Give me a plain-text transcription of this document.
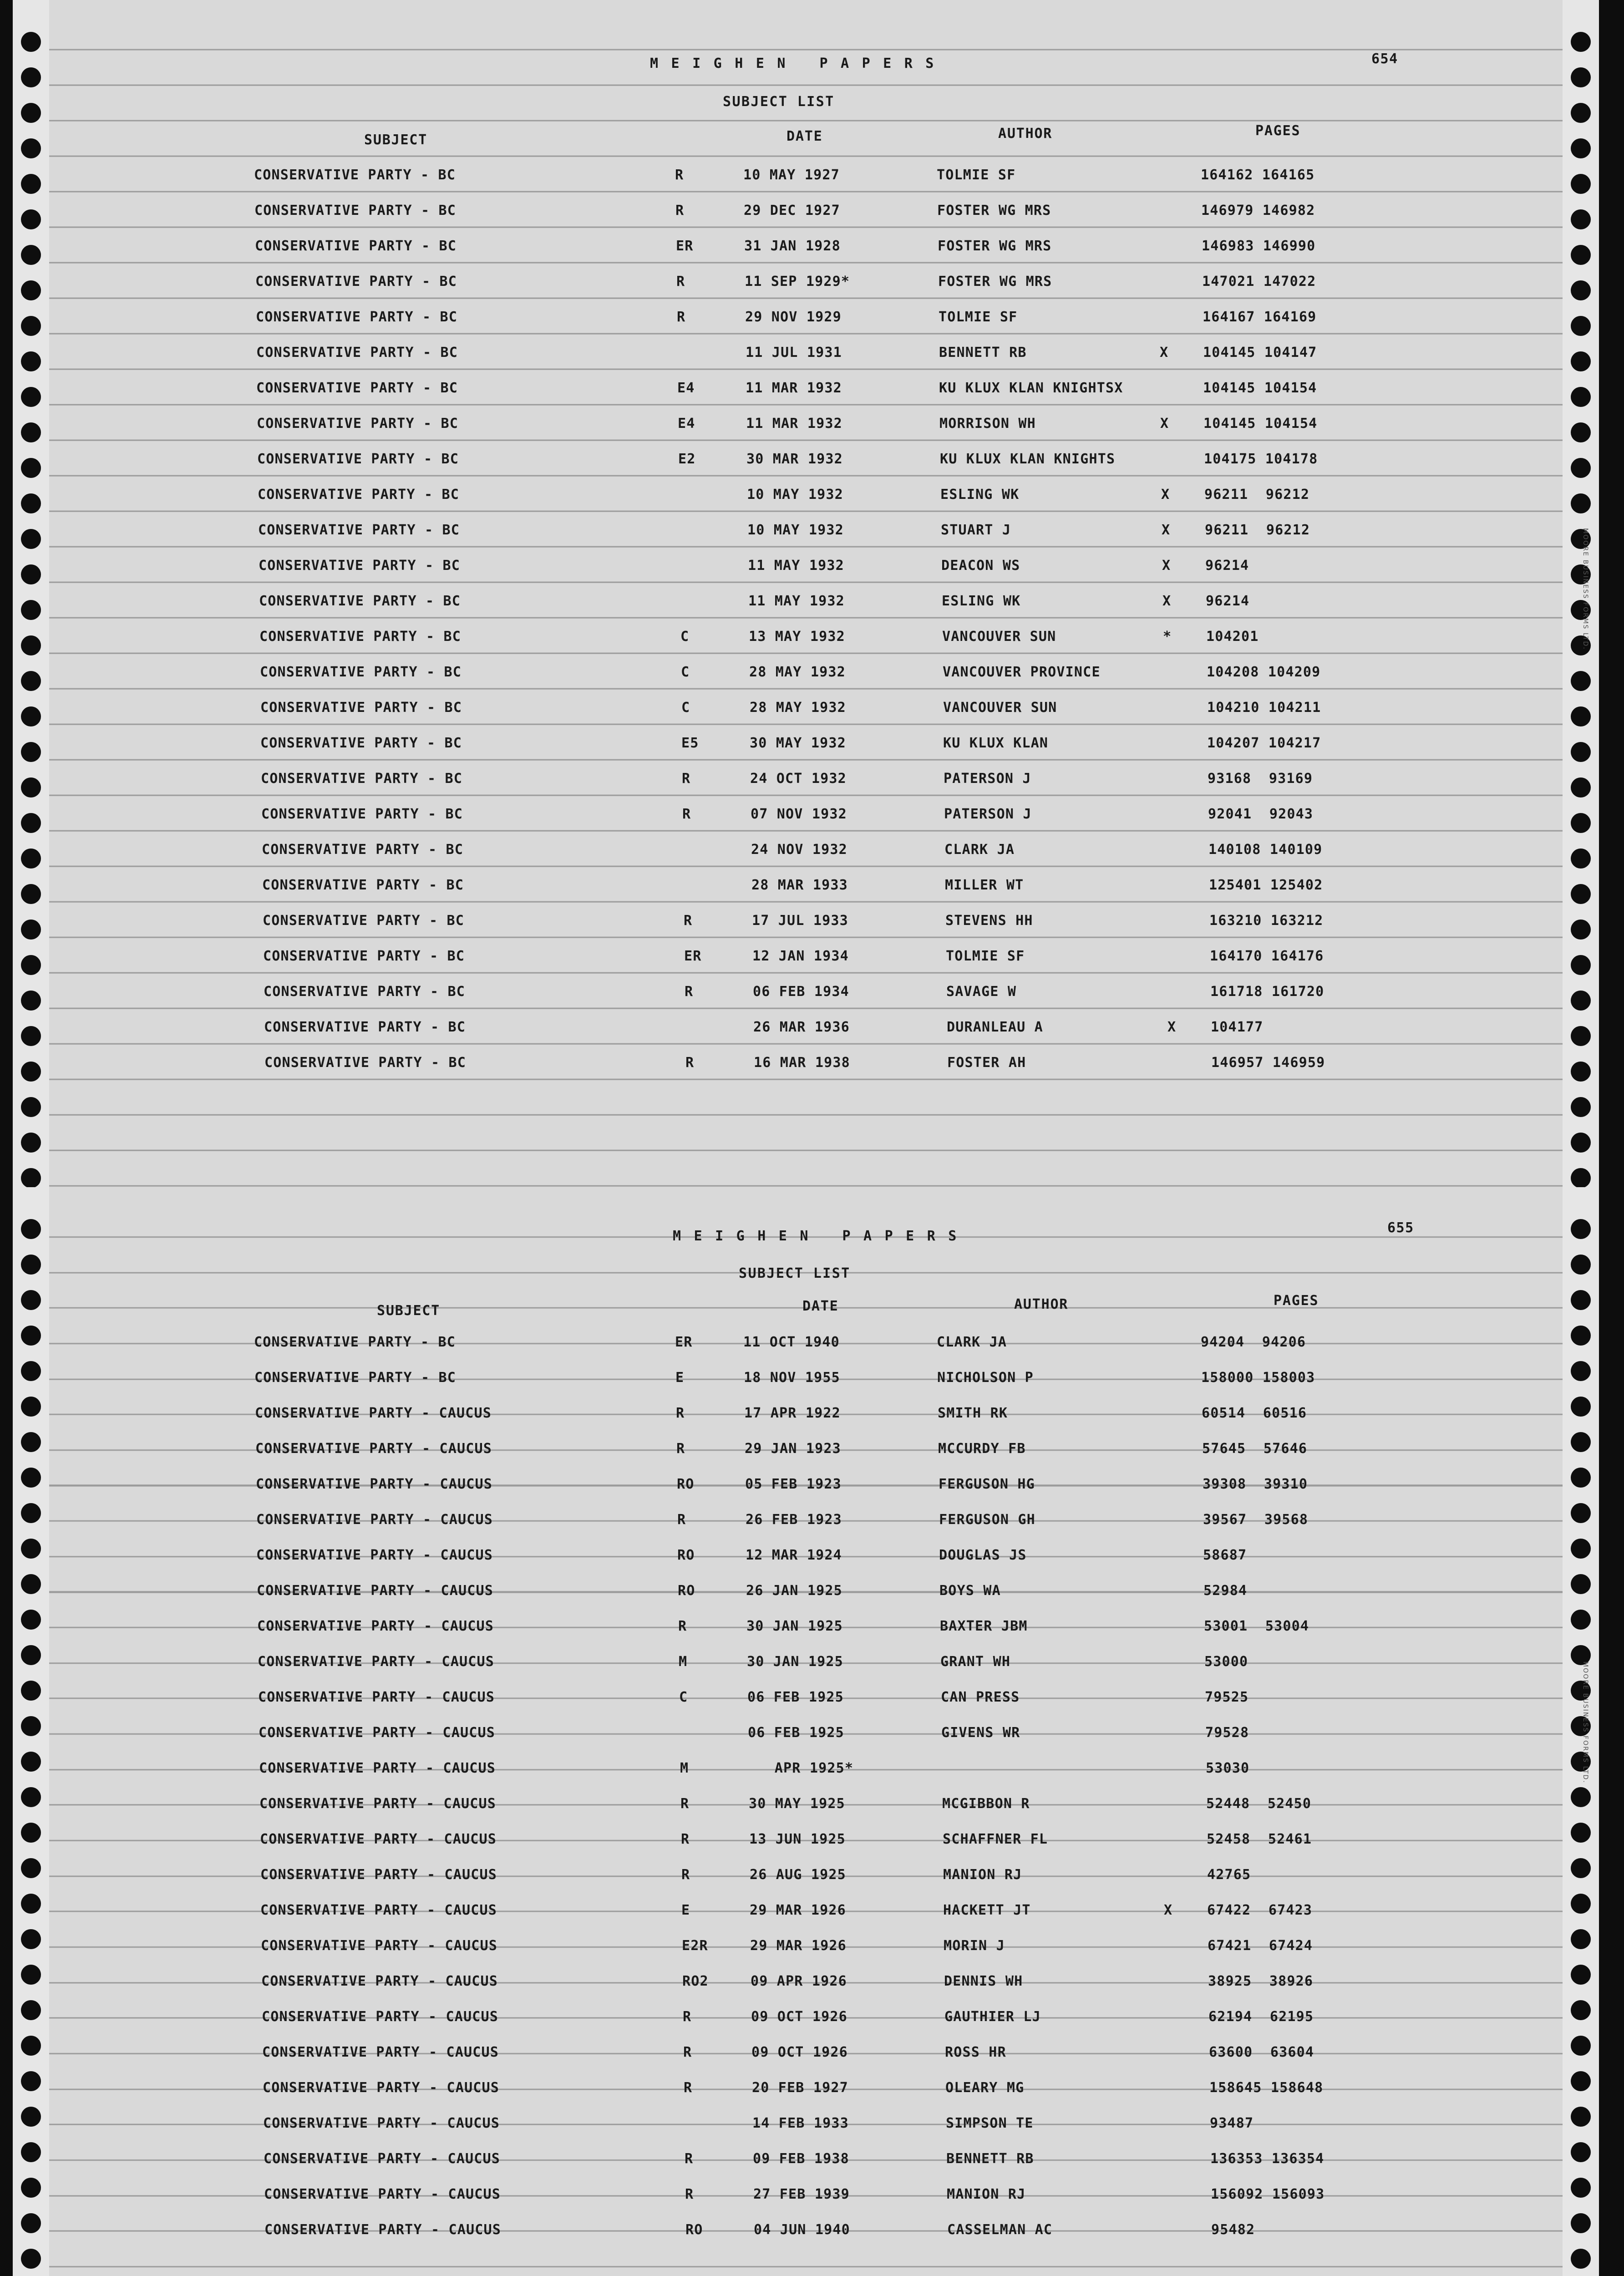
MEIGHEN PAPERS	654
SUBJECT LIST
SUBJECT	DATE	AUTHOR	PAGES
CONSERVATIVE PARTY - BC	R	10 MAY 1927	TOLMIE SF	164162 164165
CONSERVATIVE PARTY - BC	R	29 DEC 1927	FOSTER WG MRS	146979 146982
CONSERVATIVE PARTY - BC	ER	31 JAN 1928	FOSTER WG MRS	146983 146990
CONSERVATIVE PARTY - BC	R	11 SEP 1929*	FOSTER WG MRS	147021 147022
CONSERVATIVE PARTY - BC	R	29 NOV 1929	TOLMIE SF	164167 164169
CONSERVATIVE PARTY - BC	11 JUL 1931	BENNETT RB	X	104145 104147
CONSERVATIVE PARTY - BC	E4	11 MAR 1932	KU KLUX KLAN KNIGHTSX	104145 104154
CONSERVATIVE PARTY - BC	E4	11 MAR 1932	MORRISON WH	X	104145 104154
CONSERVATIVE PARTY - BC	E2	30 MAR 1932	KU KLUX KLAN KNIGHTS	104175 104178
CONSERVATIVE PARTY - BC	10 MAY 1932	ESLING WK	X	96211  96212
CONSERVATIVE PARTY - BC	10 MAY 1932	STUART J	X	96211  96212
CONSERVATIVE PARTY - BC	11 MAY 1932	DEACON WS	X	96214
CONSERVATIVE PARTY - BC	11 MAY 1932	ESLING WK	X	96214
CONSERVATIVE PARTY - BC	C	13 MAY 1932	VANCOUVER SUN	*	104201
CONSERVATIVE PARTY - BC	C	28 MAY 1932	VANCOUVER PROVINCE	104208 104209
CONSERVATIVE PARTY - BC	C	28 MAY 1932	VANCOUVER SUN	104210 104211
CONSERVATIVE PARTY - BC	E5	30 MAY 1932	KU KLUX KLAN	104207 104217
CONSERVATIVE PARTY - BC	R	24 OCT 1932	PATERSON J	93168  93169
CONSERVATIVE PARTY - BC	R	07 NOV 1932	PATERSON J	92041  92043
CONSERVATIVE PARTY - BC	24 NOV 1932	CLARK JA	140108 140109
CONSERVATIVE PARTY - BC	28 MAR 1933	MILLER WT	125401 125402
CONSERVATIVE PARTY - BC	R	17 JUL 1933	STEVENS HH	163210 163212
CONSERVATIVE PARTY - BC	ER	12 JAN 1934	TOLMIE SF	164170 164176
CONSERVATIVE PARTY - BC	R	06 FEB 1934	SAVAGE W	161718 161720
CONSERVATIVE PARTY - BC	26 MAR 1936	DURANLEAU A	X	104177
CONSERVATIVE PARTY - BC	R	16 MAR 1938	FOSTER AH	146957 146959
MEIGHEN PAPERS
655
SUBJECT LIST
SUBJECT	DATE	AUTHOR	PAGES
CONSERVATIVE PARTY - BC	ER	11 OCT 1940	CLARK JA	94204  94206
CONSERVATIVE PARTY - BC	E	18 NOV 1955	NICHOLSON P	158000 158003
CONSERVATIVE PARTY - CAUCUS	R	17 APR 1922	SMITH RK	60514  60516
CONSERVATIVE PARTY - CAUCUS	R	29 JAN 1923	MCCURDY FB	57645  57646
CONSERVATIVE PARTY - CAUCUS	RO	05 FEB 1923	FERGUSON HG	39308  39310
CONSERVATIVE PARTY - CAUCUS	R	26 FEB 1923	FERGUSON GH	39567  39568
CONSERVATIVE PARTY - CAUCUS	RO	12 MAR 1924	DOUGLAS JS	58687
CONSERVATIVE PARTY - CAUCUS	RO	26 JAN 1925	BOYS WA	52984
CONSERVATIVE PARTY - CAUCUS	R	30 JAN 1925	BAXTER JBM	53001  53004
CONSERVATIVE PARTY - CAUCUS	M	30 JAN 1925	GRANT WH	53000
CONSERVATIVE PARTY - CAUCUS	C	06 FEB 1925	CAN PRESS	79525
CONSERVATIVE PARTY - CAUCUS	06 FEB 1925	GIVENS WR	79528
CONSERVATIVE PARTY - CAUCUS	M	APR 1925*	53030
CONSERVATIVE PARTY - CAUCUS	R	30 MAY 1925	MCGIBBON R	52448  52450
CONSERVATIVE PARTY - CAUCUS	R	13 JUN 1925	SCHAFFNER FL	52458  52461
CONSERVATIVE PARTY - CAUCUS	R	26 AUG 1925	MANION RJ	42765
CONSERVATIVE PARTY - CAUCUS	E	29 MAR 1926	HACKETT JT	X	67422  67423
CONSERVATIVE PARTY - CAUCUS	E2R	29 MAR 1926	MORIN J	67421  67424
CONSERVATIVE PARTY - CAUCUS	RO2	09 APR 1926	DENNIS WH	38925  38926
CONSERVATIVE PARTY - CAUCUS	R	09 OCT 1926	GAUTHIER LJ	62194  62195
CONSERVATIVE PARTY - CAUCUS	R	09 OCT 1926	ROSS HR	63600  63604
CONSERVATIVE PARTY - CAUCUS	R	20 FEB 1927	OLEARY MG	158645 158648
CONSERVATIVE PARTY - CAUCUS	14 FEB 1933	SIMPSON TE	93487
CONSERVATIVE PARTY - CAUCUS	R	09 FEB 1938	BENNETT RB	136353 136354
CONSERVATIVE PARTY - CAUCUS	R	27 FEB 1939	MANION RJ	156092 156093
CONSERVATIVE PARTY - CAUCUS	RO	04 JUN 1940	CASSELMAN AC	95482
MOORE BUSINESS FORMS LTD.
MOORE BUSINESS FORMS LTD.
